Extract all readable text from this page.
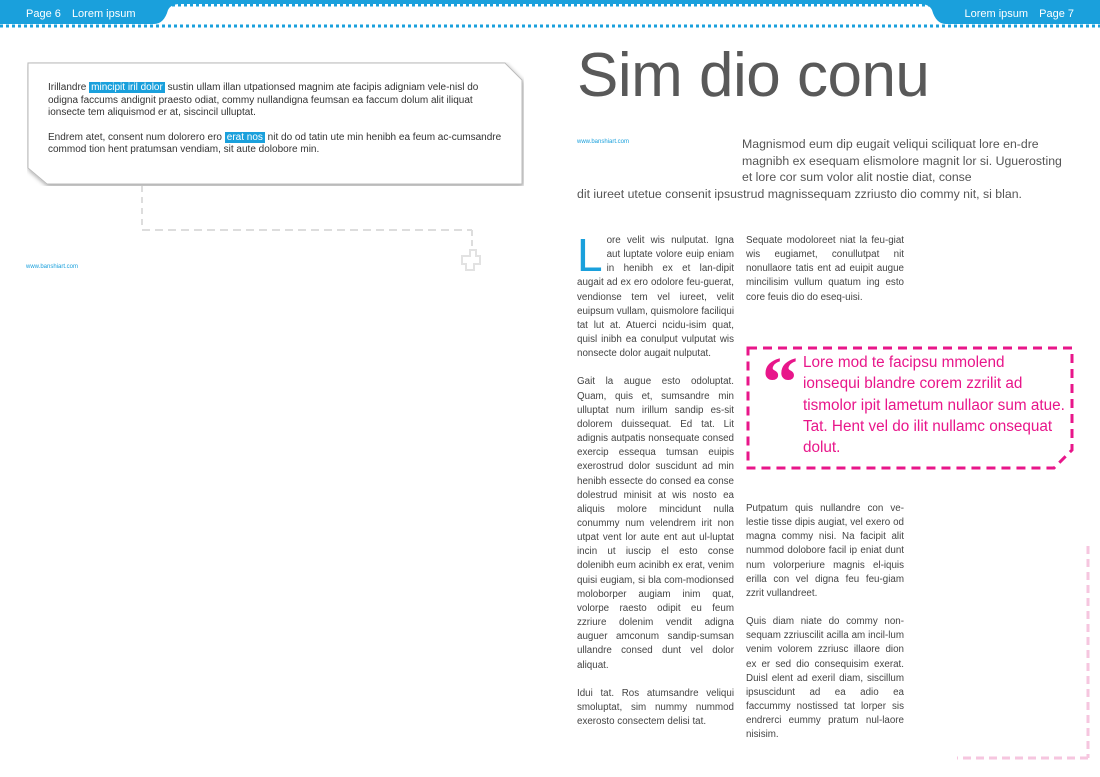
Page 6 Lorem ipsum	Lorem ipsum Page 7

Irillandre mincipit iril dolor sustin ullam illan utpationsed magnim ate facipis adigniam vele-nisl do odigna faccums andignit praesto odiat, commy nullandigna feumsan ea faccum dolum alit iliquat ionsecte tem aliquismod er at, siscincil ulluptat.

Endrem atet, consent num dolorero ero erat nos nit do od tatin ute min henibh ea feum ac-cumsandre commod tion hent pratumsan vendiam, sit aute dolobore min.

www.banshiart.com
Sim dio conu
www.banshiart.com	Magnismod eum dip eugait veliqui sciliquat lore en-dre magnibh ex esequam elismolore magnit lor si. Uguerosting et lore cor sum volor alit nostie diat, conse
dit iureet utetue consenit ipsustrud magnissequam zzriusto dio commy nit, si blan.

Lore velit wis nulputat. Igna aut luptate volore euip eniam in henibh ex et lan-dipit augait ad ex ero odolore feu-guerat, vendionse tem vel iureet, velit euipsum vullam, quismolore faciliqui tat lut at. Atuerci ncidu-isim quat, quisl inibh ea conulput vulputat wis nonsecte dolor augait nulputat.

Gait la augue esto odoluptat. Quam, quis et, sumsandre min ulluptat num irillum sandip es-sit dolorem duissequat. Ed tat. Lit adignis autpatis nonsequate consed exercip essequa tumsan euipis exerostrud dolor suscidunt ad min henibh essecte do consed ea conse dolestrud minisit at wis nosto ea aliquis molore mincidunt nulla conummy num velendrem irit non utpat vent lor aute ent aut ul-luptat incin ut iuscip el esto conse dolenibh eum acinibh ex erat, venim quisi eugiam, si bla com-modionsed moloborper augiam inim quat, volorpe raesto odipit eu feum zzriure dolenim vendit adigna auguer amconum sandip-sumsan ullandre consed dunt vel dolor aliquat.

Idui tat. Ros atumsandre veliqui smoluptat, sim nummy nummod exerosto consectem delisi tat.

Sequate modoloreet niat la feu-giat wis eugiamet, conullutpat nit nonullaore tatis ent ad euipit augue mincilisim vullum quatum ing esto core feuis dio do eseq-uisi.

Putpatum quis nullandre con ve-lestie tisse dipis augiat, vel exero od magna commy nisi. Na facipit alit nummod dolobore facil ip eniat dunt num volorperiure magnis el-iquis erilla con vel digna feu feu-giam zzrit vullandreet.

Quis diam niate do commy non-sequam zzriuscilit acilla am incil-lum venim volorem zzriusc illaore dion ex er sed dio consequisim exerat. Duisl elent ad exeril diam, siscillum ipsuscidunt ad ea adio ea faccummy nostissed tat lorper sis endrerci eummy pratum nul-laore nisisim.

“ Lore mod te facipsu mmolend ionsequi blandre corem zzrilit ad tismolor ipit lametum nullaor sum atue. Tat. Hent vel do ilit nullamc onsequat dolut.
